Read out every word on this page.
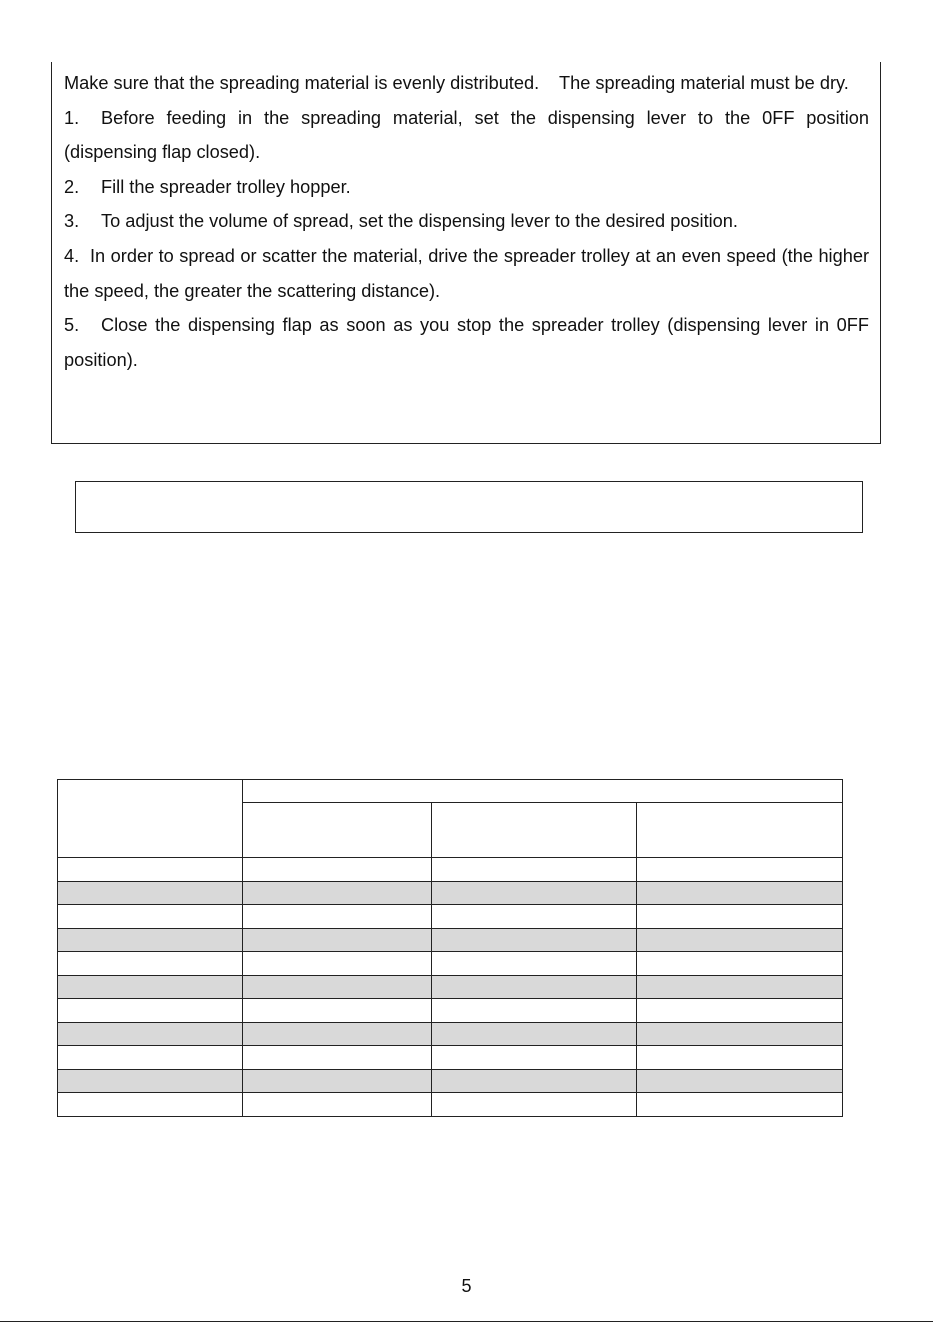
Make sure that the spreading material is evenly distributed.    The spreading material must be dry.

1. Before feeding in the spreading material, set the dispensing lever to the 0FF position (dispensing flap closed).

2. Fill the spreader trolley hopper.

3. To adjust the volume of spread, set the dispensing lever to the desired position.

4. In order to spread or scatter the material, drive the spreader trolley at an even speed (the higher the speed, the greater the scattering distance).

5. Close the dispensing flap as soon as you stop the spreader trolley (dispensing lever in 0FF position).

5
